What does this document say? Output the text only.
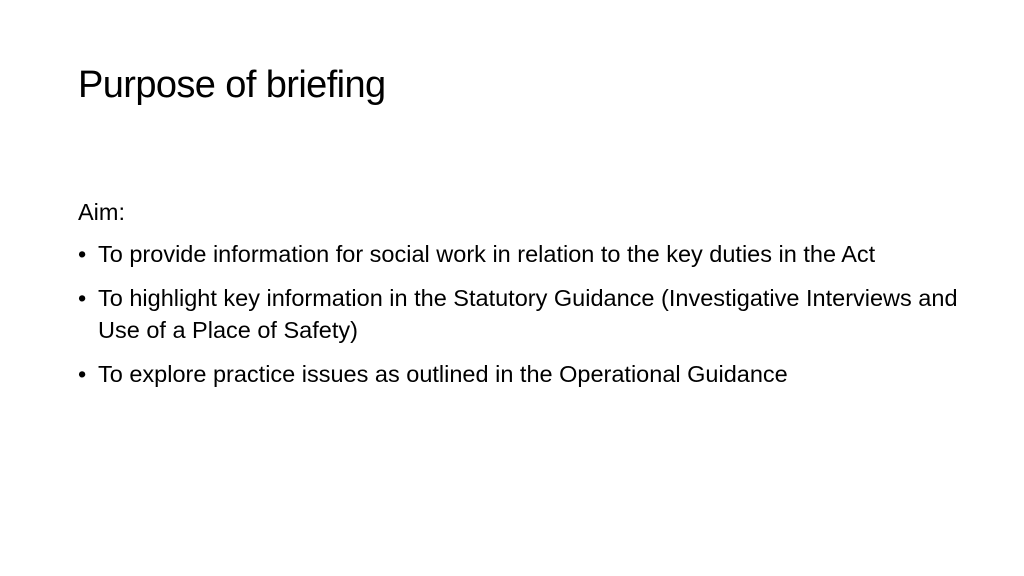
Purpose of briefing

Aim:

• To provide information for social work in relation to the key duties in the Act
• To highlight key information in the Statutory Guidance (Investigative Interviews and Use of a Place of Safety)
• To explore practice issues as outlined in the Operational Guidance
